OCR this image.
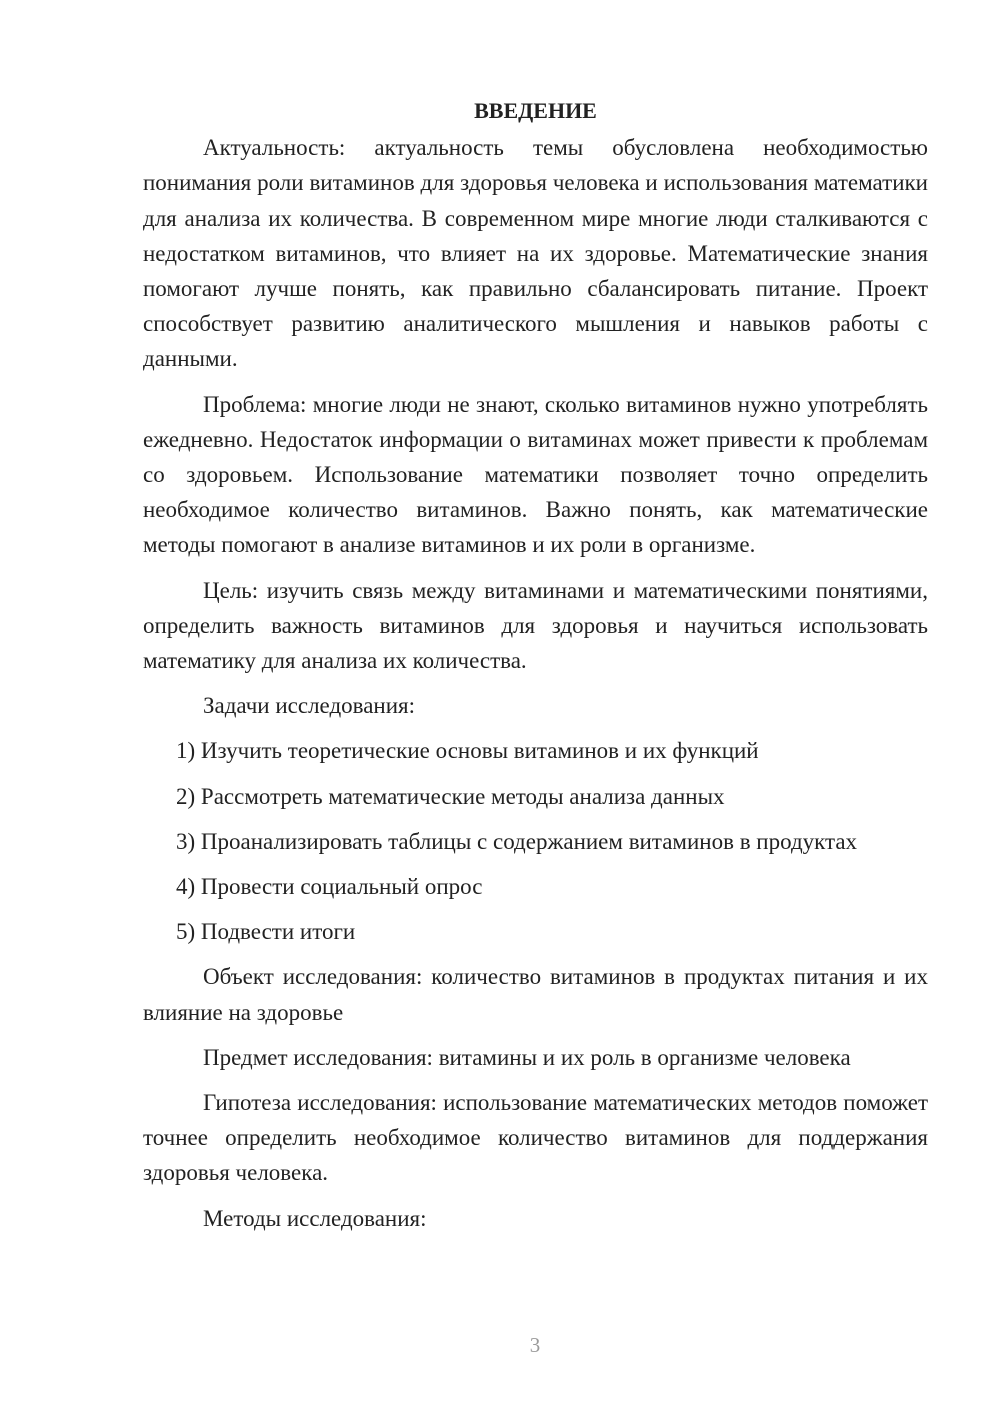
ВВЕДЕНИЕ

Актуальность: актуальность темы обусловлена необходимостью понимания роли витаминов для здоровья человека и использования математики для анализа их количества. В современном мире многие люди сталкиваются с недостатком витаминов, что влияет на их здоровье. Математические знания помогают лучше понять, как правильно сбалансировать питание. Проект способствует развитию аналитического мышления и навыков работы с данными.

Проблема: многие люди не знают, сколько витаминов нужно употреблять ежедневно. Недостаток информации о витаминах может привести к проблемам со здоровьем. Использование математики позволяет точно определить необходимое количество витаминов. Важно понять, как математические методы помогают в анализе витаминов и их роли в организме.

Цель: изучить связь между витаминами и математическими понятиями, определить важность витаминов для здоровья и научиться использовать математику для анализа их количества.

Задачи исследования:
1) Изучить теоретические основы витаминов и их функций
2) Рассмотреть математические методы анализа данных
3) Проанализировать таблицы с содержанием витаминов в продуктах
4) Провести социальный опрос
5) Подвести итоги

Объект исследования: количество витаминов в продуктах питания и их влияние на здоровье

Предмет исследования: витамины и их роль в организме человека

Гипотеза исследования: использование математических методов поможет точнее определить необходимое количество витаминов для поддержания здоровья человека.

Методы исследования:
3
